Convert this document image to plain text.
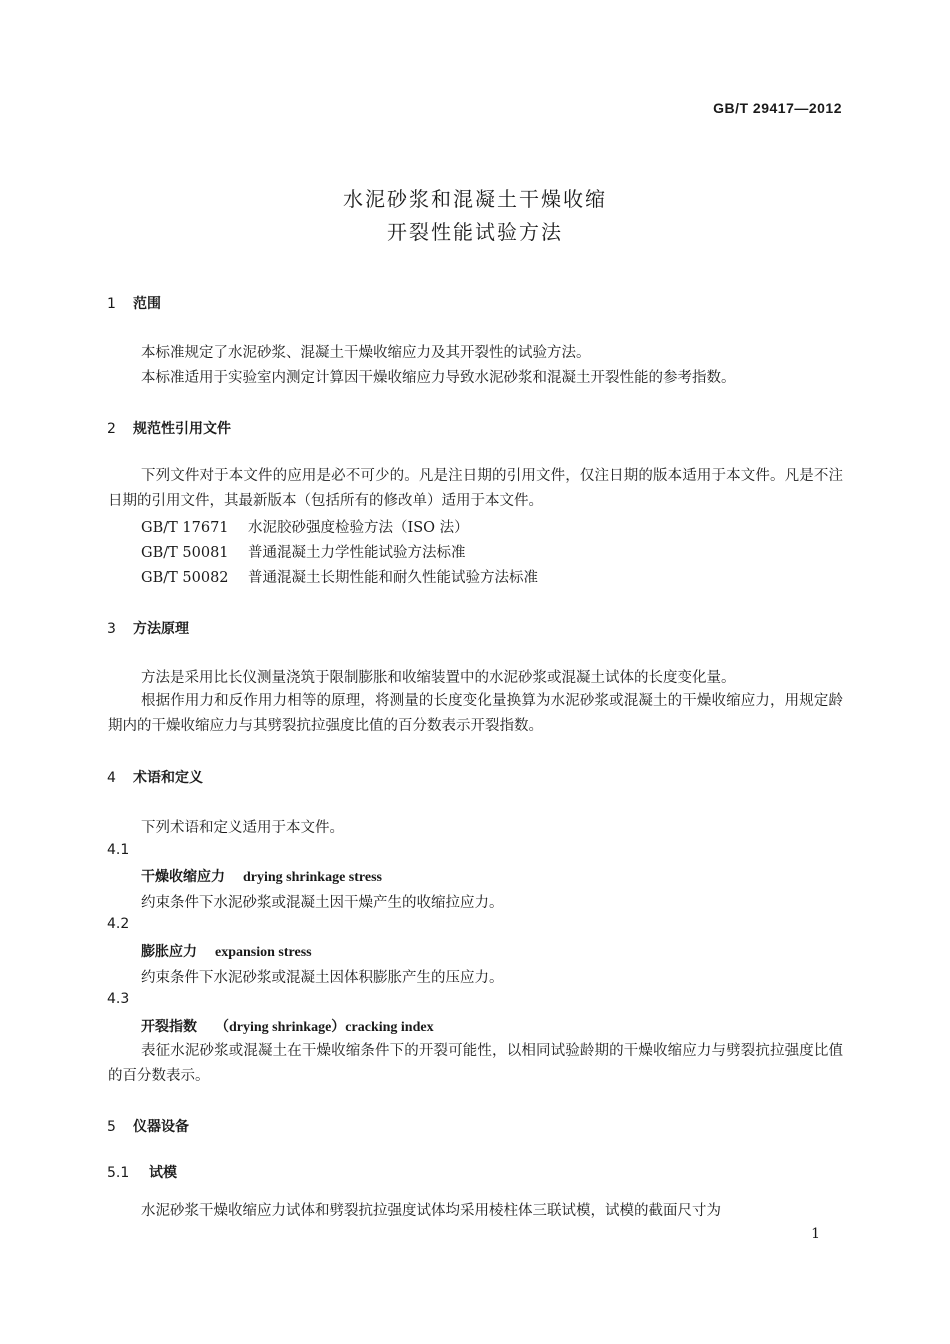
GB/T 29417—2012
水泥砂浆和混凝土干燥收缩
开裂性能试验方法
1 范围
本标准规定了水泥砂浆、混凝土干燥收缩应力及其开裂性的试验方法。
本标准适用于实验室内测定计算因干燥收缩应力导致水泥砂浆和混凝土开裂性能的参考指数。
2 规范性引用文件
下列文件对于本文件的应用是必不可少的。凡是注日期的引用文件，仅注日期的版本适用于本文件。凡是不注日期的引用文件，其最新版本（包括所有的修改单）适用于本文件。
GB/T 17671 水泥胶砂强度检验方法（ISO 法）
GB/T 50081 普通混凝土力学性能试验方法标准
GB/T 50082 普通混凝土长期性能和耐久性能试验方法标准
3 方法原理
方法是采用比长仪测量浇筑于限制膨胀和收缩装置中的水泥砂浆或混凝土试体的长度变化量。
根据作用力和反作用力相等的原理，将测量的长度变化量换算为水泥砂浆或混凝土的干燥收缩应力，用规定龄期内的干燥收缩应力与其劈裂抗拉强度比值的百分数表示开裂指数。
4 术语和定义
下列术语和定义适用于本文件。
4.1
干燥收缩应力 drying shrinkage stress
约束条件下水泥砂浆或混凝土因干燥产生的收缩拉应力。
4.2
膨胀应力 expansion stress
约束条件下水泥砂浆或混凝土因体积膨胀产生的压应力。
4.3
开裂指数 （drying shrinkage）cracking index
表征水泥砂浆或混凝土在干燥收缩条件下的开裂可能性，以相同试验龄期的干燥收缩应力与劈裂抗拉强度比值的百分数表示。
5 仪器设备
5.1 试模
水泥砂浆干燥收缩应力试体和劈裂抗拉强度试体均采用棱柱体三联试模，试模的截面尺寸为
1
